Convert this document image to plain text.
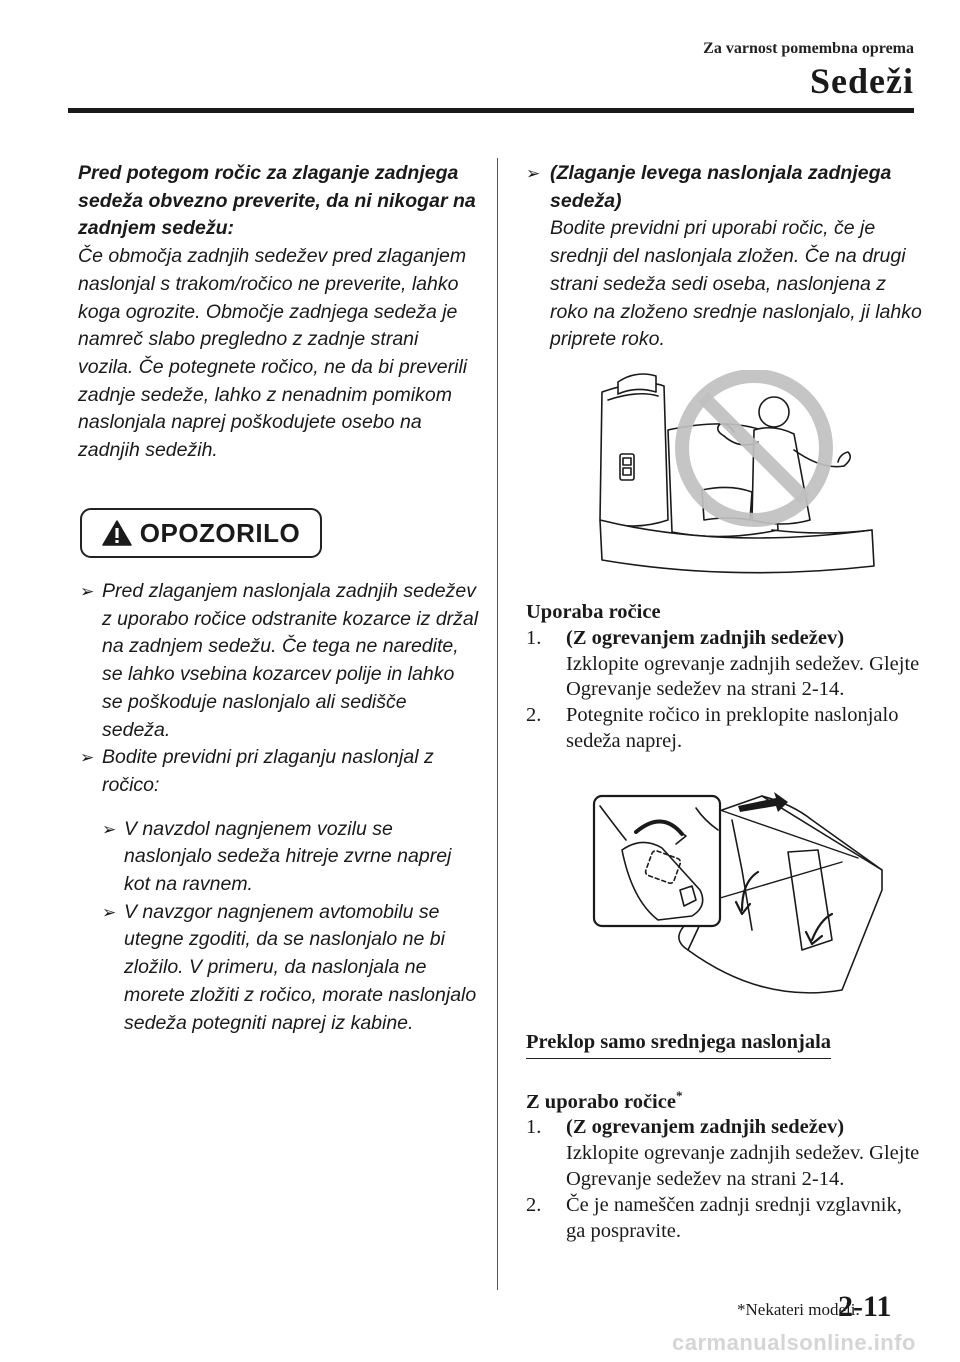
Za varnost pomembna oprema
Sedeži

Pred potegom ročic za zlaganje zadnjega sedeža obvezno preverite, da ni nikogar na zadnjem sedežu:

Če območja zadnjih sedežev pred zlaganjem naslonjal s trakom/ročico ne preverite, lahko koga ogrozite. Območje zadnjega sedeža je namreč slabo pregledno z zadnje strani vozila. Če potegnete ročico, ne da bi preverili zadnje sedeže, lahko z nenadnim pomikom naslonjala naprej poškodujete osebo na zadnjih sedežih.

OPOZORILO
➢ Pred zlaganjem naslonjala zadnjih sedežev z uporabo ročice odstranite kozarce iz držal na zadnjem sedežu. Če tega ne naredite, se lahko vsebina kozarcev polije in lahko se poškoduje naslonjalo ali sedišče sedeža.
➢ Bodite previdni pri zlaganju naslonjal z ročico:
➢ V navzdol nagnjenem vozilu se naslonjalo sedeža hitreje zvrne naprej kot na ravnem.
➢ V navzgor nagnjenem avtomobilu se utegne zgoditi, da se naslonjalo ne bi zložilo. V primeru, da naslonjala ne morete zložiti z ročico, morate naslonjalo sedeža potegniti naprej iz kabine.
➢ (Zlaganje levega naslonjala zadnjega sedeža)

Bodite previdni pri uporabi ročic, če je srednji del naslonjala zložen. Če na drugi strani sedeža sedi oseba, naslonjena z roko na zloženo srednje naslonjalo, ji lahko priprete roko.

Uporaba ročice

1. (Z ogrevanjem zadnjih sedežev)

Izklopite ogrevanje zadnjih sedežev. Glejte Ogrevanje sedežev na strani 2-14.

2. Potegnite ročico in preklopite naslonjalo sedeža naprej.

Preklop samo srednjega naslonjala

Z uporabo ročice*

1. (Z ogrevanjem zadnjih sedežev)

Izklopite ogrevanje zadnjih sedežev. Glejte Ogrevanje sedežev na strani 2-14.

2. Če je nameščen zadnji srednji vzglavnik, ga pospravite.

*Nekateri modeli.
2-11
carmanualsonline.info
